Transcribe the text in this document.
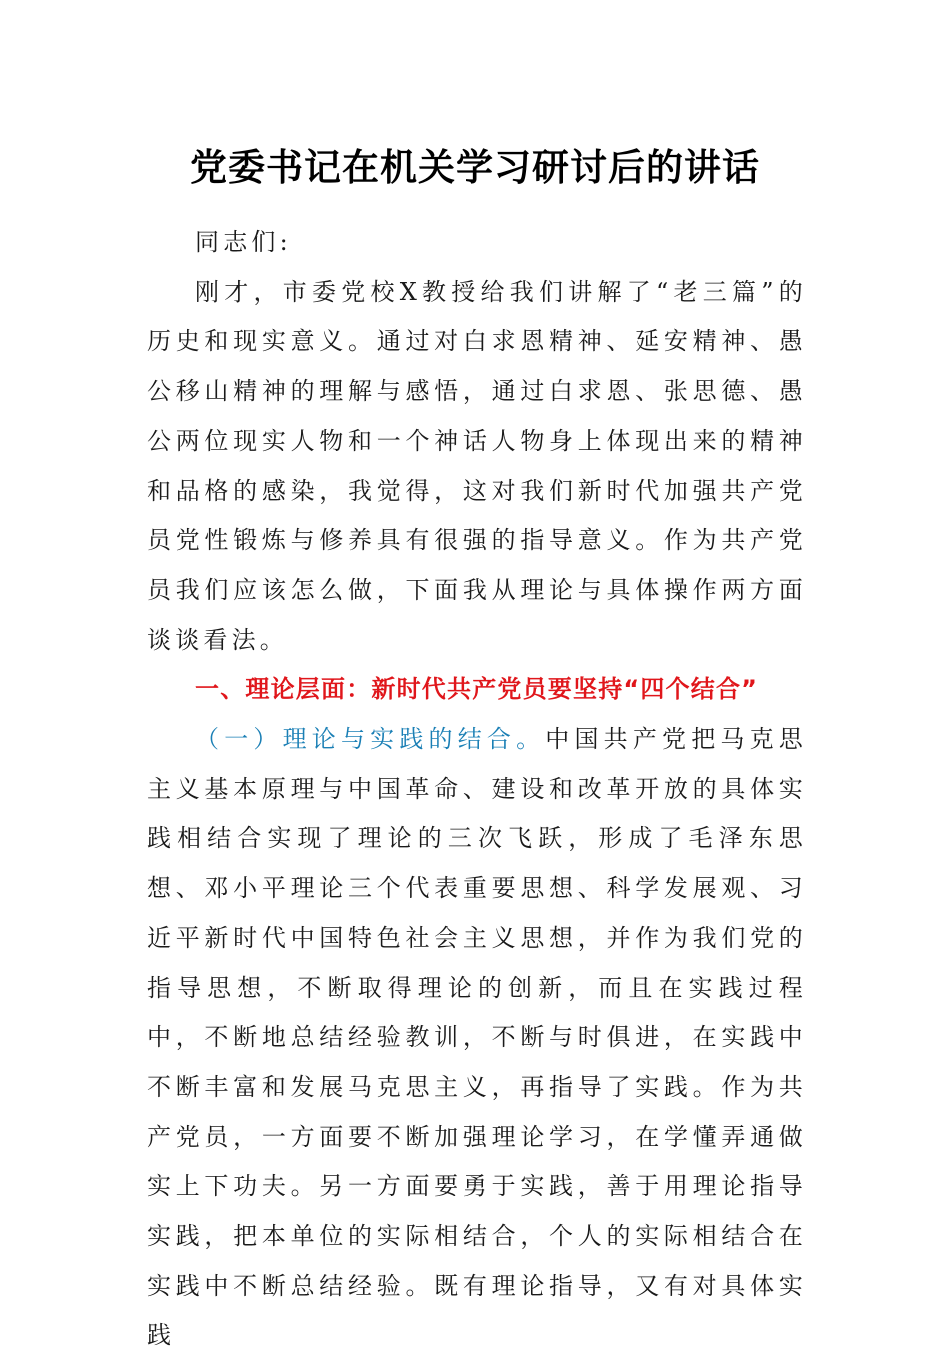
党委书记在机关学习研讨后的讲话

同志们:

刚才，市委党校X教授给我们讲解了“老三篇”的历史和现实意义。通过对白求恩精神、延安精神、愚公移山精神的理解与感悟，通过白求恩、张思德、愚公两位现实人物和一个神话人物身上体现出来的精神和品格的感染，我觉得，这对我们新时代加强共产党员党性锻炼与修养具有很强的指导意义。作为共产党员我们应该怎么做，下面我从理论与具体操作两方面谈谈看法。

一、理论层面：新时代共产党员要坚持“四个结合”

（一）理论与实践的结合。中国共产党把马克思主义基本原理与中国革命、建设和改革开放的具体实践相结合实现了理论的三次飞跃，形成了毛泽东思想、邓小平理论三个代表重要思想、科学发展观、习近平新时代中国特色社会主义思想，并作为我们党的指导思想，不断取得理论的创新，而且在实践过程中，不断地总结经验教训，不断与时俱进，在实践中不断丰富和发展马克思主义，再指导了实践。作为共产党员，一方面要不断加强理论学习，在学懂弄通做实上下功夫。另一方面要勇于实践，善于用理论指导实践，把本单位的实际相结合，个人的实际相结合在实践中不断总结经验。既有理论指导，又有对具体实践
